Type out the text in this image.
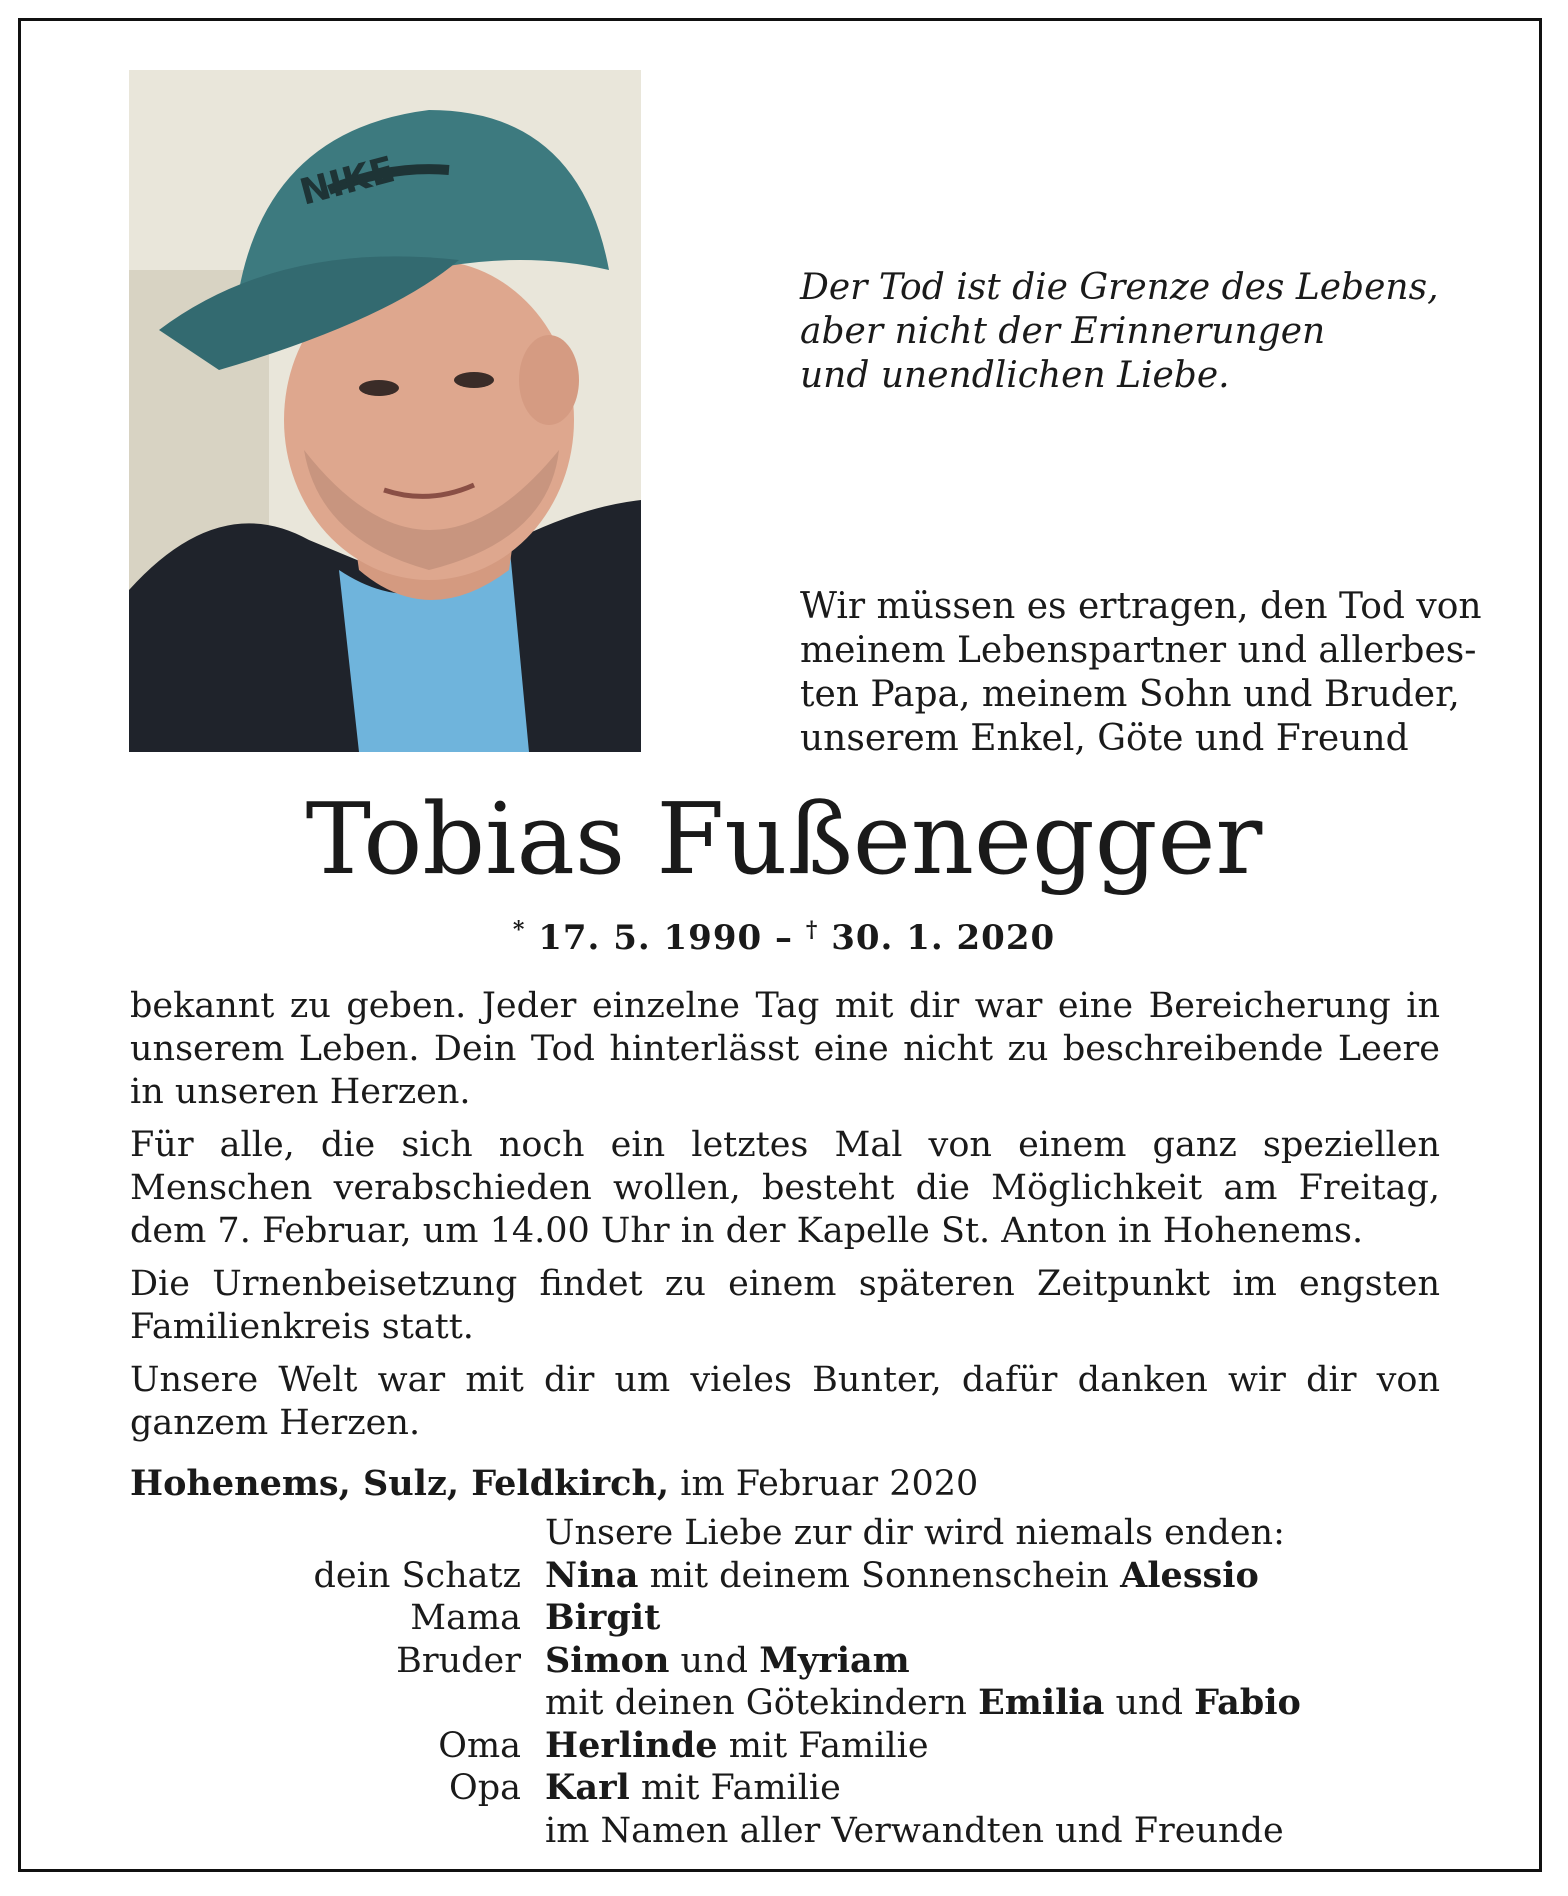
NIKE
Der Tod ist die Grenze des Lebens,
aber nicht der Erinnerungen
und unendlichen Liebe.
Wir müssen es ertragen, den Tod von
meinem Lebenspartner und allerbes-
ten Papa, meinem Sohn und Bruder,
unserem Enkel, Göte und Freund
Tobias Fußenegger
* 17. 5. 1990 – † 30. 1. 2020

bekannt zu geben. Jeder einzelne Tag mit dir war eine Bereicherung in unserem Leben. Dein Tod hinterlässt eine nicht zu beschreibende Leere in unseren Herzen.

Für alle, die sich noch ein letztes Mal von einem ganz speziellen Menschen verabschieden wollen, besteht die Möglichkeit am Freitag, dem 7. Februar, um 14.00 Uhr in der Kapelle St. Anton in Hohenems.

Die Urnenbeisetzung findet zu einem späteren Zeitpunkt im engsten Familienkreis statt.

Unsere Welt war mit dir um vieles Bunter, dafür danken wir dir von ganzem Herzen.

Hohenems, Sulz, Feldkirch, im Februar 2020
Unsere Liebe zur dir wird niemals enden:
dein Schatz Nina mit deinem Sonnenschein Alessio
Mama Birgit
Bruder Simon und Myriam
mit deinen Götekindern Emilia und Fabio
Oma Herlinde mit Familie
Opa Karl mit Familie
im Namen aller Verwandten und Freunde
